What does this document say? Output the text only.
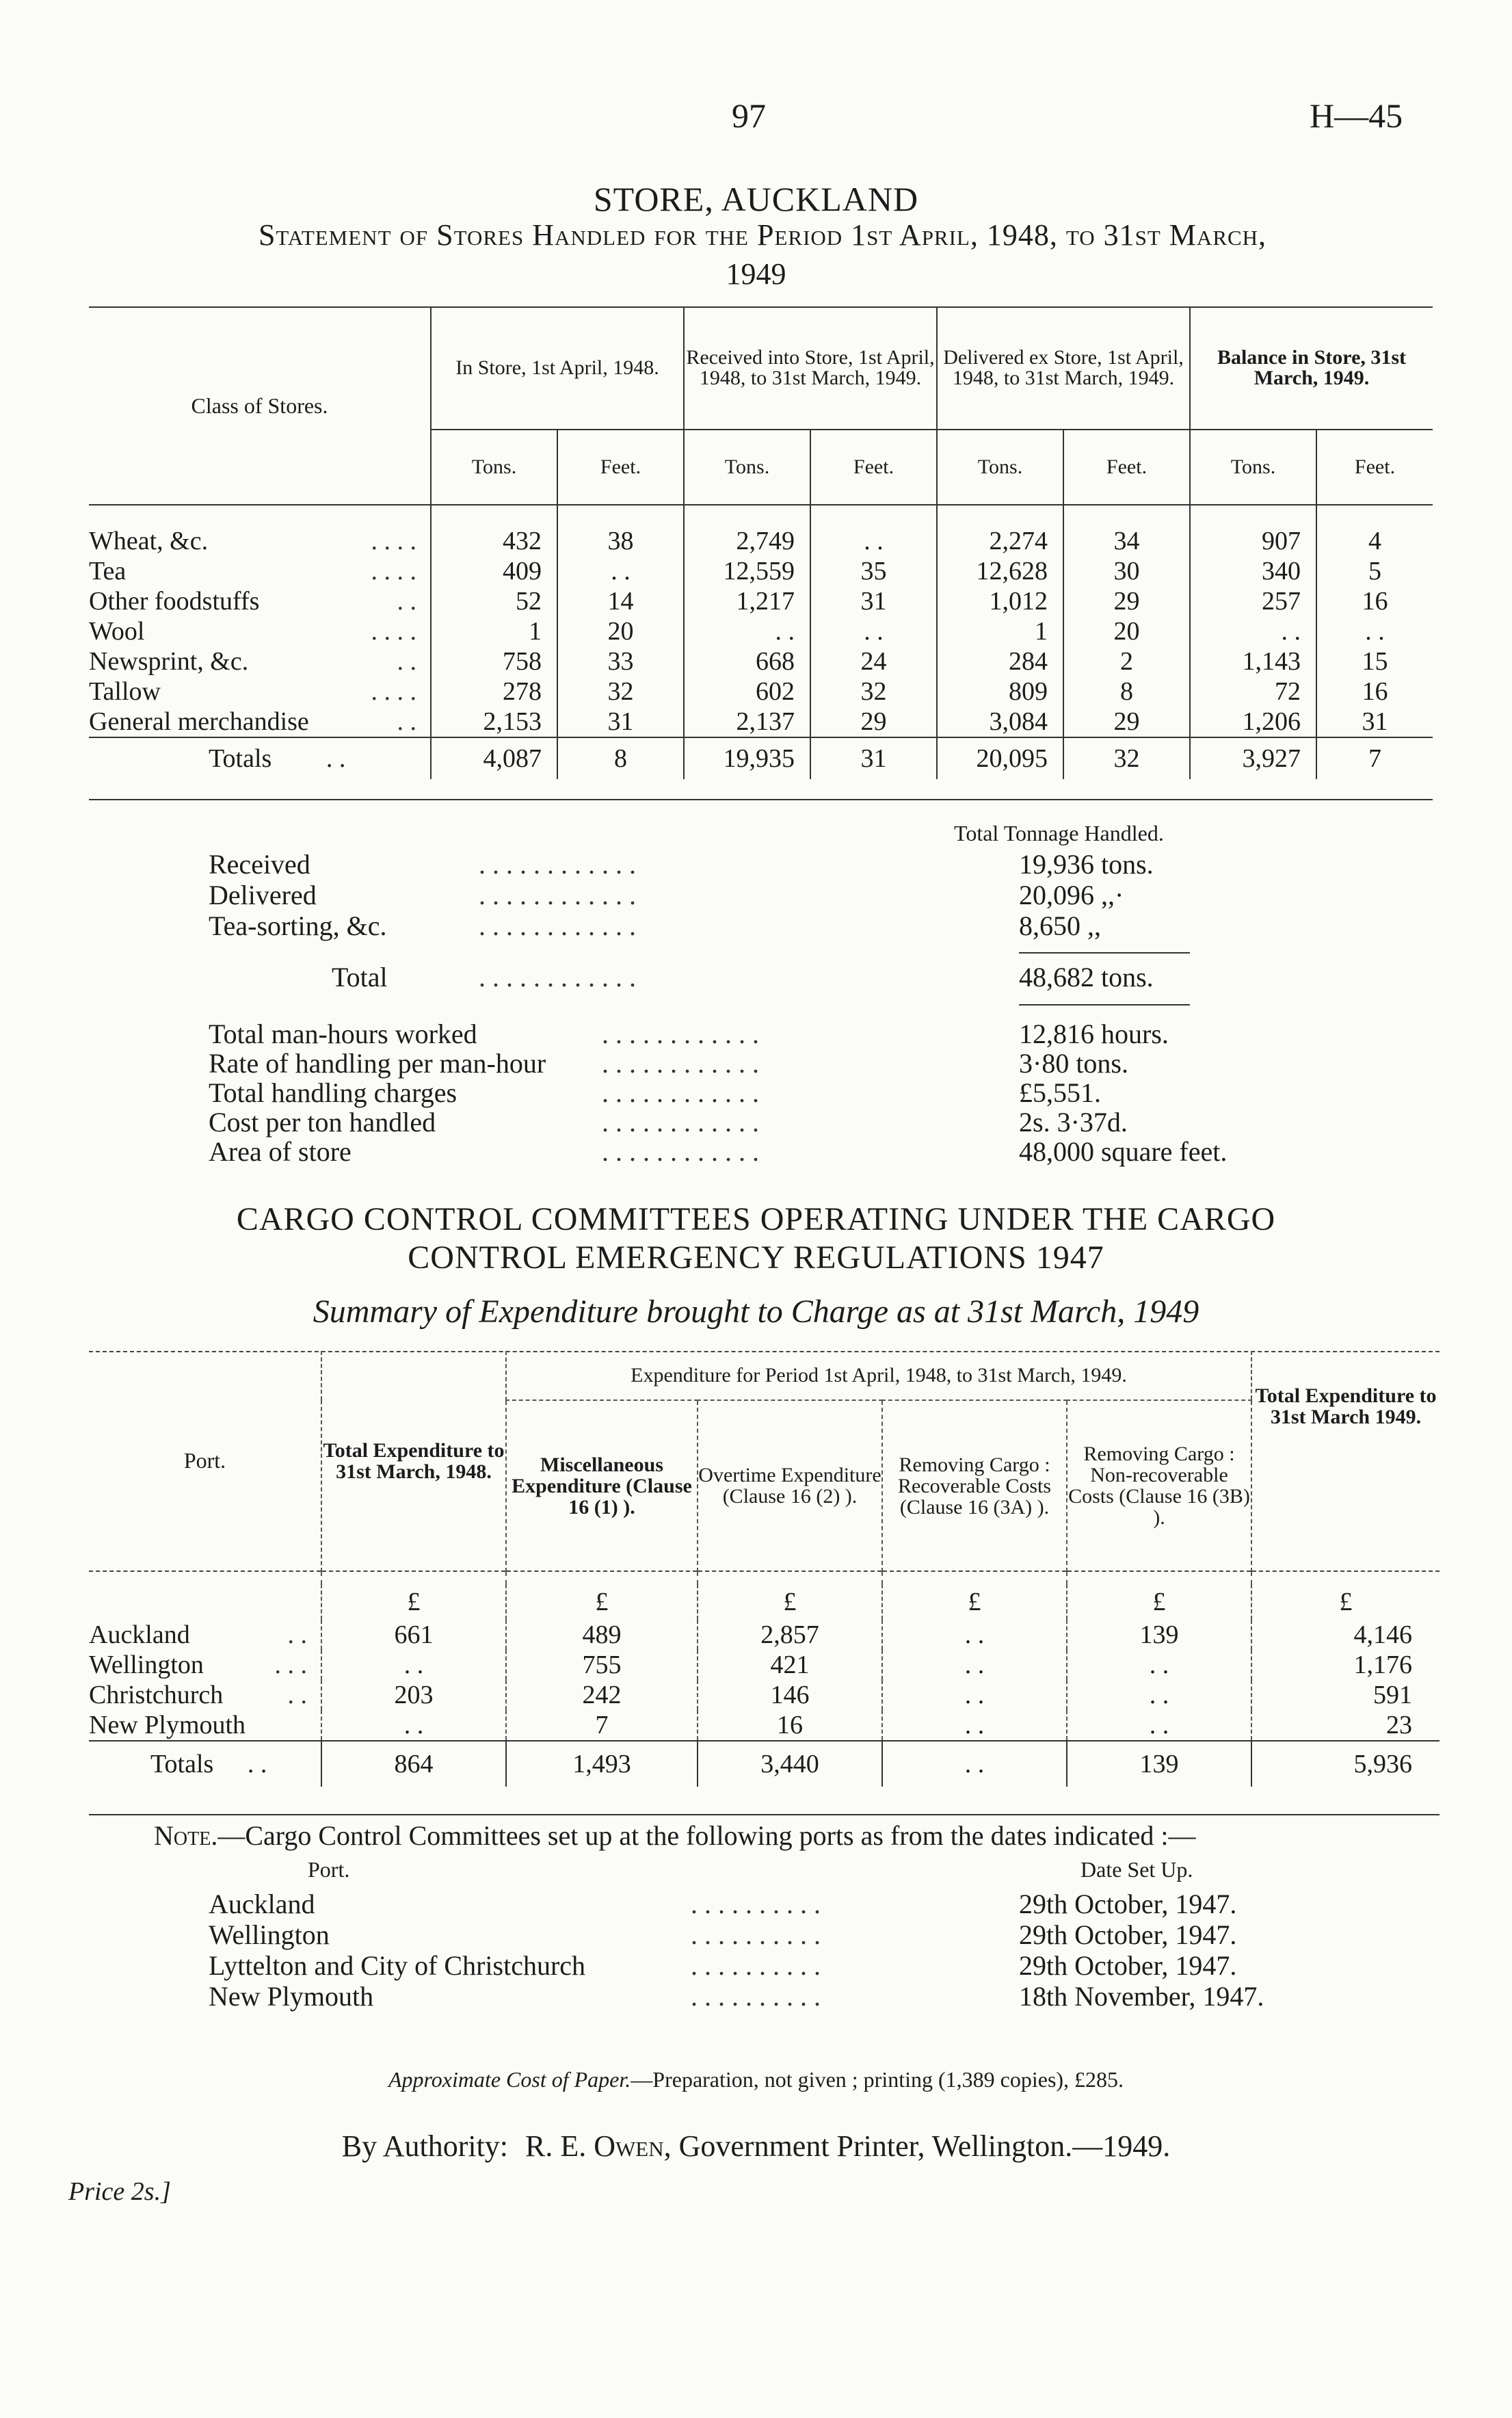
97	H—45
STORE, AUCKLAND
Statement of Stores Handled for the Period 1st April, 1948, to 31st March,
1949
Class of Stores.	In Store, 1st April, 1948.		Received into Store, 1st April, 1948, to 31st March, 1949.		Delivered ex Store, 1st April, 1948, to 31st March, 1949.		Balance in Store, 31st March, 1949.	
	Tons.	Feet.	Tons.	Feet.	Tons.	Feet.	Tons.	Feet.

Wheat, &c. . . . .	432	38	2,749	. .	2,274	34	907	4
Tea . . . .	409	. .	12,559	35	12,628	30	340	5
Other foodstuffs . .	52	14	1,217	31	1,012	29	257	16
Wool . . . .	1	20	. .	. .	1	20	. .	. .
Newsprint, &c. . .	758	33	668	24	284	2	1,143	15
Tallow . . . .	278	32	602	32	809	8	72	16
General merchandise . .	2,153	31	2,137	29	3,084	29	1,206	31
Totals . .	4,087	8	19,935	31	20,095	32	3,927	7
Total Tonnage Handled.
Received	. . . . . . . . . . . .	19,936 tons.
Delivered	. . . . . . . . . . . .	20,096 ,,·
Tea-sorting, &c.	. . . . . . . . . . . .	8,650 ,,
Total	. . . . . . . . . . . .	48,682 tons.
Total man-hours worked	. . . . . . . . . . . .	12,816 hours.
Rate of handling per man-hour . . . . . . . . . . . .	3·80 tons.
Total handling charges	. . . . . . . . . . . .	£5,551.
Cost per ton handled	. . . . . . . . . . . .	2s. 3·37d.
Area of store	. . . . . . . . . . . .	48,000 square feet.
CARGO CONTROL COMMITTEES OPERATING UNDER THE CARGO
CONTROL EMERGENCY REGULATIONS 1947
Summary of Expenditure brought to Charge as at 31st March, 1949
Port.	Total Expenditure to 31st March, 1948.	Expenditure for Period 1st April, 1948, to 31st March, 1949.				Total Expenditure to 31st March 1949.
		Miscellaneous Expenditure (Clause 16 (1) ).	Overtime Expenditure (Clause 16 (2) ).	Removing Cargo : Recoverable Costs (Clause 16 (3A) ).	Removing Cargo : Non-recoverable Costs (Clause 16 (3B) ).	

	£	£	£	£	£	£
Auckland . .	661	489	2,857	. .	139	4,146
Wellington . . .	. .	755	421	. .	. .	1,176
Christchurch . .	203	242	146	. .	. .	591
New Plymouth	. .	7	16	. .	. .	23
Totals . .	864	1,493	3,440	. .	139	5,936
Note.—Cargo Control Committees set up at the following ports as from the dates indicated :—
Port.	Date Set Up.
Auckland	. . . . . . . . . .	29th October, 1947.
Wellington	. . . . . . . . . .	29th October, 1947.
Lyttelton and City of Christchurch	. . . . . . . . . .	29th October, 1947.
New Plymouth	. . . . . . . . . .	18th November, 1947.
Approximate Cost of Paper.—Preparation, not given ; printing (1,389 copies), £285.
By Authority: R. E. Owen, Government Printer, Wellington.—1949.
Price 2s.]
